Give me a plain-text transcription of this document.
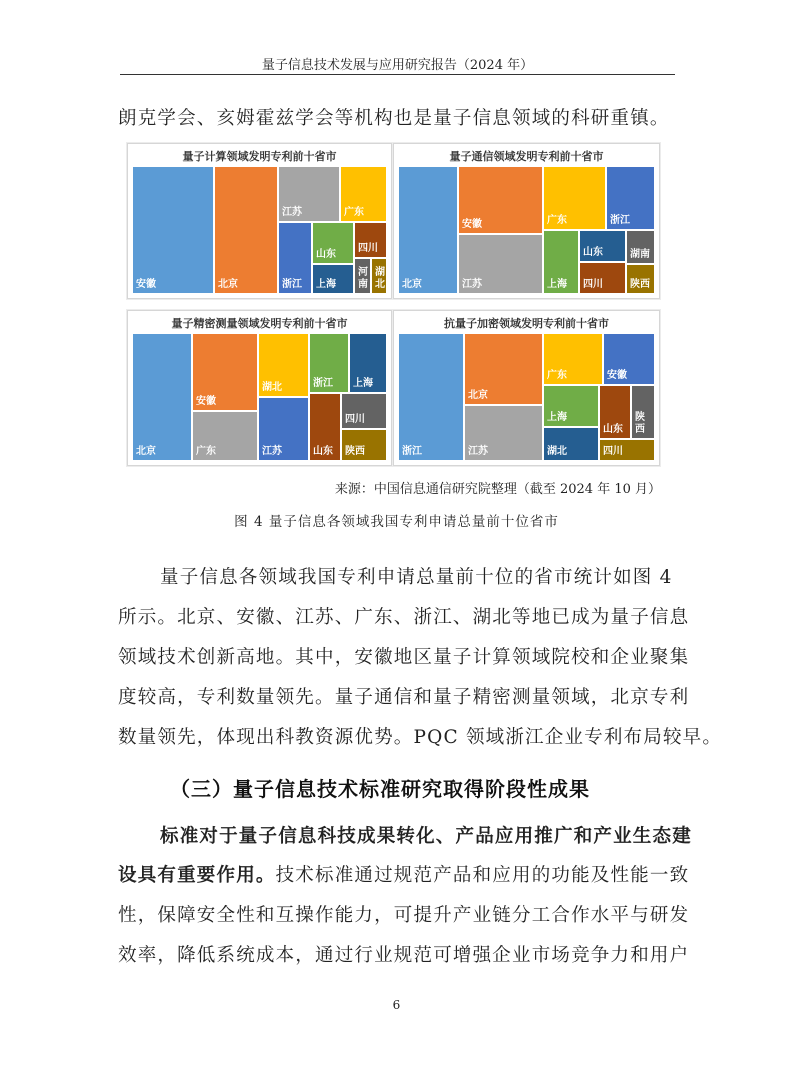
量子信息技术发展与应用研究报告（2024 年）
朗克学会、亥姆霍兹学会等机构也是量子信息领域的科研重镇。
量子计算领域发明专利前十省市
安徽	北京
江苏	广东
浙江
山东
上海
四川
河
南
湖
北
量子通信领域发明专利前十省市
北京
安徽
江苏
广东	浙江
上海
山东
四川
湖南
陕西
量子精密测量领域发明专利前十省市
北京
安徽
广东
湖北
江苏
浙江 上海
山东
四川
陕西
抗量子加密领域发明专利前十省市
浙江
北京
江苏
广东	安徽
上海
湖北
山东
陕
西
四川
来源：中国信息通信研究院整理（截至 2024 年 10 月）
图 4 量子信息各领域我国专利申请总量前十位省市
量子信息各领域我国专利申请总量前十位的省市统计如图 4
所示。北京、安徽、江苏、广东、浙江、湖北等地已成为量子信息
领域技术创新高地。其中，安徽地区量子计算领域院校和企业聚集
度较高，专利数量领先。量子通信和量子精密测量领域，北京专利
数量领先，体现出科教资源优势。PQC 领域浙江企业专利布局较早。
（三）量子信息技术标准研究取得阶段性成果
标准对于量子信息科技成果转化、产品应用推广和产业生态建
设具有重要作用。技术标准通过规范产品和应用的功能及性能一致
性，保障安全性和互操作能力，可提升产业链分工合作水平与研发
效率，降低系统成本，通过行业规范可增强企业市场竞争力和用户
6
